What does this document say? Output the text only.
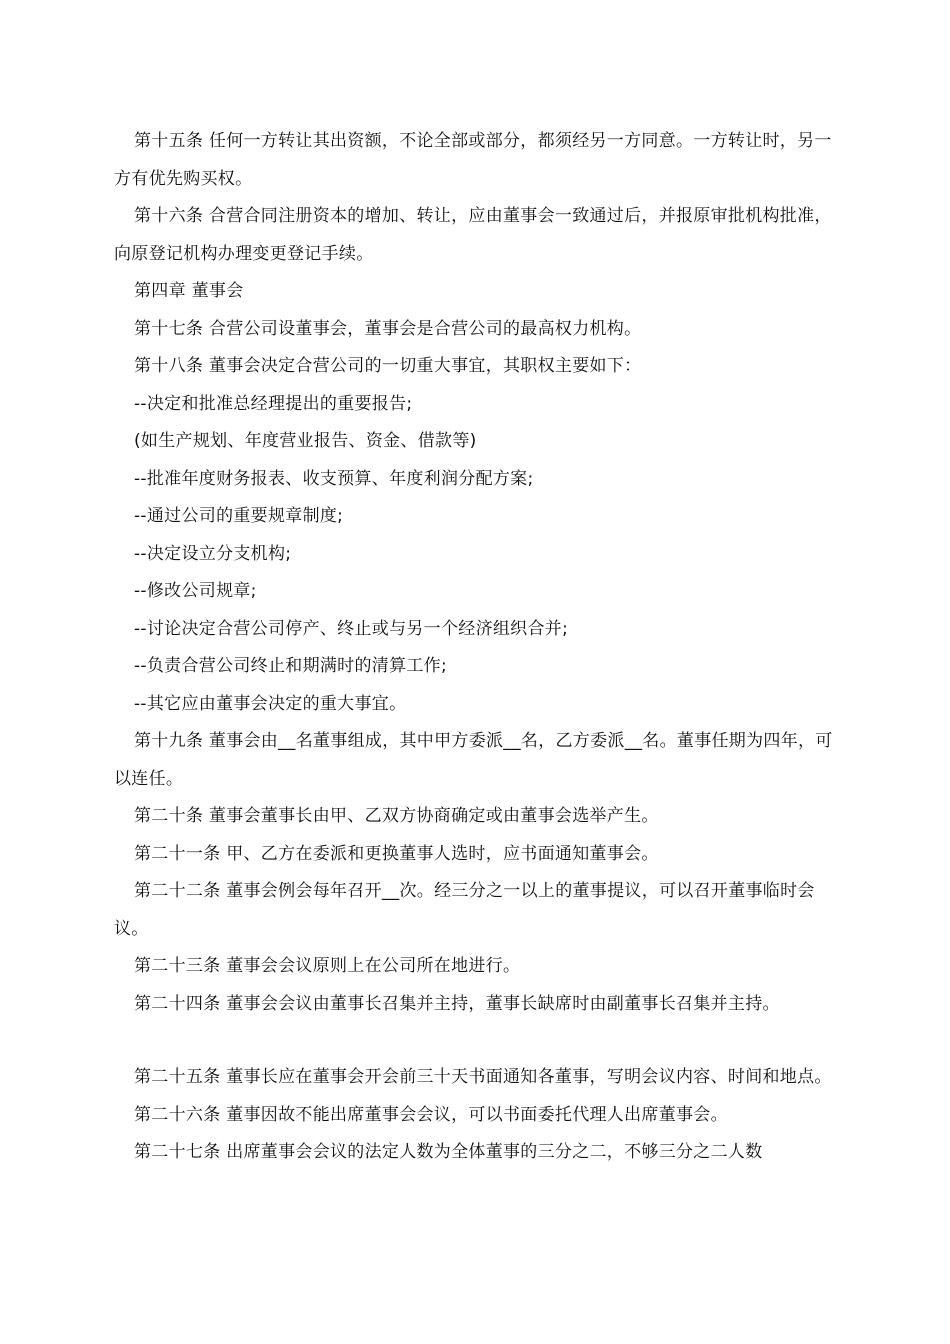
第十五条 任何一方转让其出资额，不论全部或部分，都须经另一方同意。一方转让时，另一方有优先购买权。

第十六条 合营合同注册资本的增加、转让，应由董事会一致通过后，并报原审批机构批准，向原登记机构办理变更登记手续。

第四章 董事会

第十七条 合营公司设董事会，董事会是合营公司的最高权力机构。

第十八条 董事会决定合营公司的一切重大事宜，其职权主要如下：

--决定和批准总经理提出的重要报告;

(如生产规划、年度营业报告、资金、借款等)

--批准年度财务报表、收支预算、年度利润分配方案;

--通过公司的重要规章制度;

--决定设立分支机构;

--修改公司规章;

--讨论决定合营公司停产、终止或与另一个经济组织合并;

--负责合营公司终止和期满时的清算工作;

--其它应由董事会决定的重大事宜。

第十九条 董事会由__名董事组成，其中甲方委派__名，乙方委派__名。董事任期为四年，可以连任。

第二十条 董事会董事长由甲、乙双方协商确定或由董事会选举产生。

第二十一条 甲、乙方在委派和更换董事人选时，应书面通知董事会。

第二十二条 董事会例会每年召开__次。经三分之一以上的董事提议，可以召开董事临时会议。

第二十三条 董事会会议原则上在公司所在地进行。

第二十四条 董事会会议由董事长召集并主持，董事长缺席时由副董事长召集并主持。

第二十五条 董事长应在董事会开会前三十天书面通知各董事，写明会议内容、时间和地点。

第二十六条 董事因故不能出席董事会会议，可以书面委托代理人出席董事会。

第二十七条 出席董事会会议的法定人数为全体董事的三分之二，不够三分之二人数
